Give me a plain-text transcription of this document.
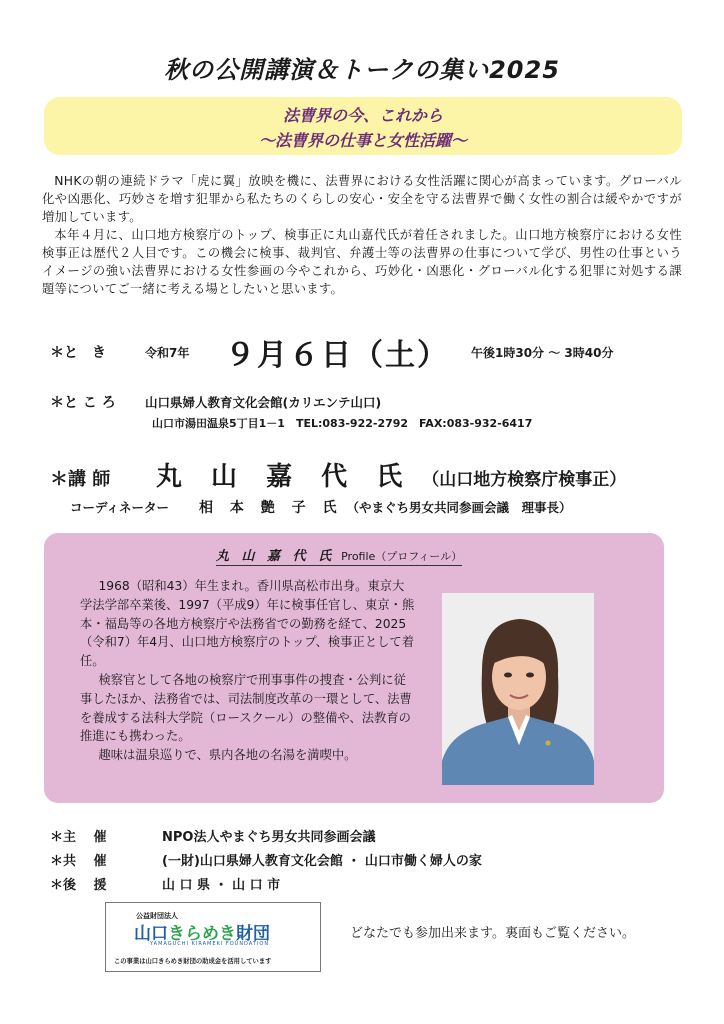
秋の公開講演＆トークの集い2025
法曹界の今、これから
～法曹界の仕事と女性活躍～

NHKの朝の連続ドラマ「虎に翼」放映を機に、法曹界における女性活躍に関心が高まっています。グローバル化や凶悪化、巧妙さを増す犯罪から私たちのくらしの安心・安全を守る法曹界で働く女性の割合は緩やかですが増加しています。

本年４月に、山口地方検察庁のトップ、検事正に丸山嘉代氏が着任されました。山口地方検察庁における女性検事正は歴代２人目です。この機会に検事、裁判官、弁護士等の法曹界の仕事について学び、男性の仕事というイメージの強い法曹界における女性参画の今やこれから、巧妙化・凶悪化・グローバル化する犯罪に対処する課題等についてご一緒に考える場としたいと思います。

＊と　き	令和7年 ９月６日（土） 午後1時30分 ～ 3時40分
＊と こ ろ 山口県婦人教育文化会館(カリエンテ山口)
山口市湯田温泉5丁目1－1　TEL:083-922-2792　FAX:083-932-6417
＊講 師 丸 山 嘉 代 氏 （山口地方検察庁検事正）
コーディネーター 相 本 艶 子 氏 （やまぐち男女共同参画会議　理事長）
丸 山 嘉 代 氏 Profile（プロフィール）

1968（昭和43）年生まれ。香川県高松市出身。東京大学法学部卒業後、1997（平成9）年に検事任官し、東京・熊本・福島等の各地方検察庁や法務省での勤務を経て、2025（令和7）年4月、山口地方検察庁のトップ、検事正として着任。

検察官として各地の検察庁で刑事事件の捜査・公判に従事したほか、法務省では、司法制度改革の一環として、法曹を養成する法科大学院（ロースクール）の整備や、法教育の推進にも携わった。

趣味は温泉巡りで、県内各地の名湯を満喫中。

＊主　 催	NPO法人やまぐち男女共同参画会議
＊共　 催	(一財)山口県婦人教育文化会館 ・ 山口市働く婦人の家
＊後　 援	山 口 県 ・ 山 口 市
公益財団法人
山口きらめき財団
YAMAGUCHI KIRAMEKI FOUNDATION
この事業は山口きらめき財団の助成金を活用しています
どなたでも参加出来ます。裏面もご覧ください。
